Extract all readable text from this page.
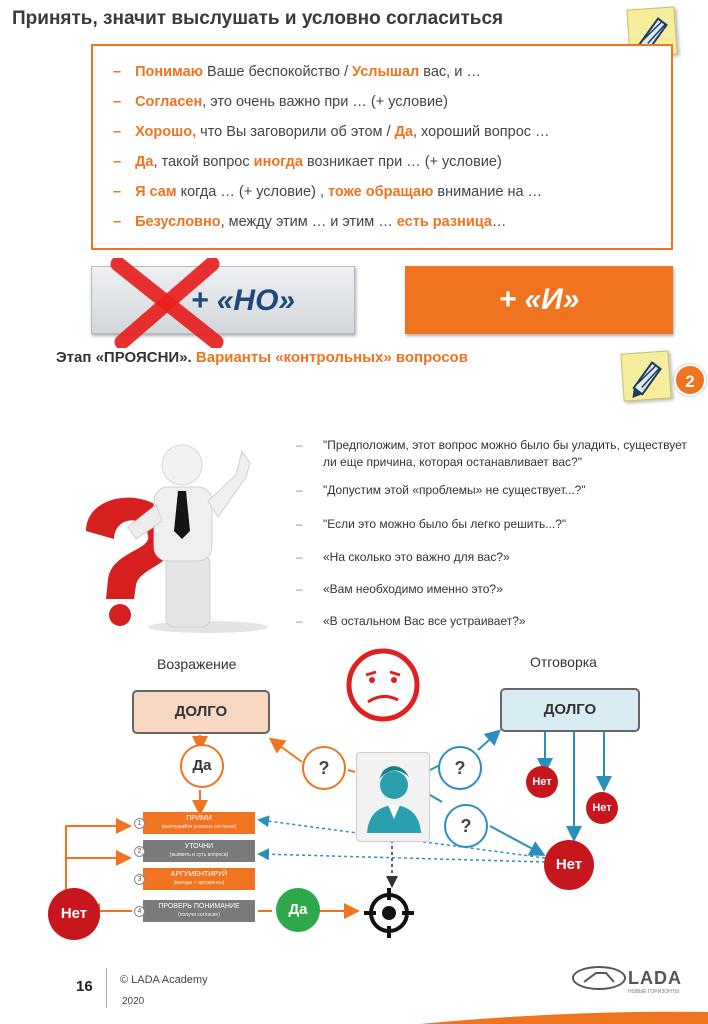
Принять, значит выслушать и условно согласиться
– Понимаю Ваше беспокойство / Услышал вас, и …
– Согласен, это очень важно при … (+ условие)
– Хорошо, что Вы заговорили об этом / Да, хороший вопрос …
– Да, такой вопрос иногда возникает при … (+ условие)
– Я сам когда … (+ условие) , тоже обращаю внимание на …
– Безусловно, между этим … и этим … есть разница…
+ «НО»	+ «И»
Этап «ПРОЯСНИ». Варианты «контрольных» вопросов
2
– "Предположим, этот вопрос можно было бы уладить, существует ли еще причина, которая останавливает вас?"
– "Допустим этой «проблемы» не существует...?"
– "Если это можно было бы легко решить...?"
– «На сколько это важно для вас?»
– «Вам необходимо именно это?»
– «В остальном Вас все устраивает?»
Возражение	Отговорка
ДОЛГО	ДОЛГО
Да	?	?
?
Нет
Нет
Нет
Нет	Да
ПРИМИ
(выслушайте условно согласие)
1
УТОЧНИ
(выявить и суть вопроса)
2
АРГУМЕНТИРУЙ
(выгоды + аргументы)
3
ПРОВЕРЬ ПОНИМАНИЕ
(получи согласие)
4
16 © LADA Academy
2020
LADA
НОВЫЕ ГОРИЗОНТЫ
